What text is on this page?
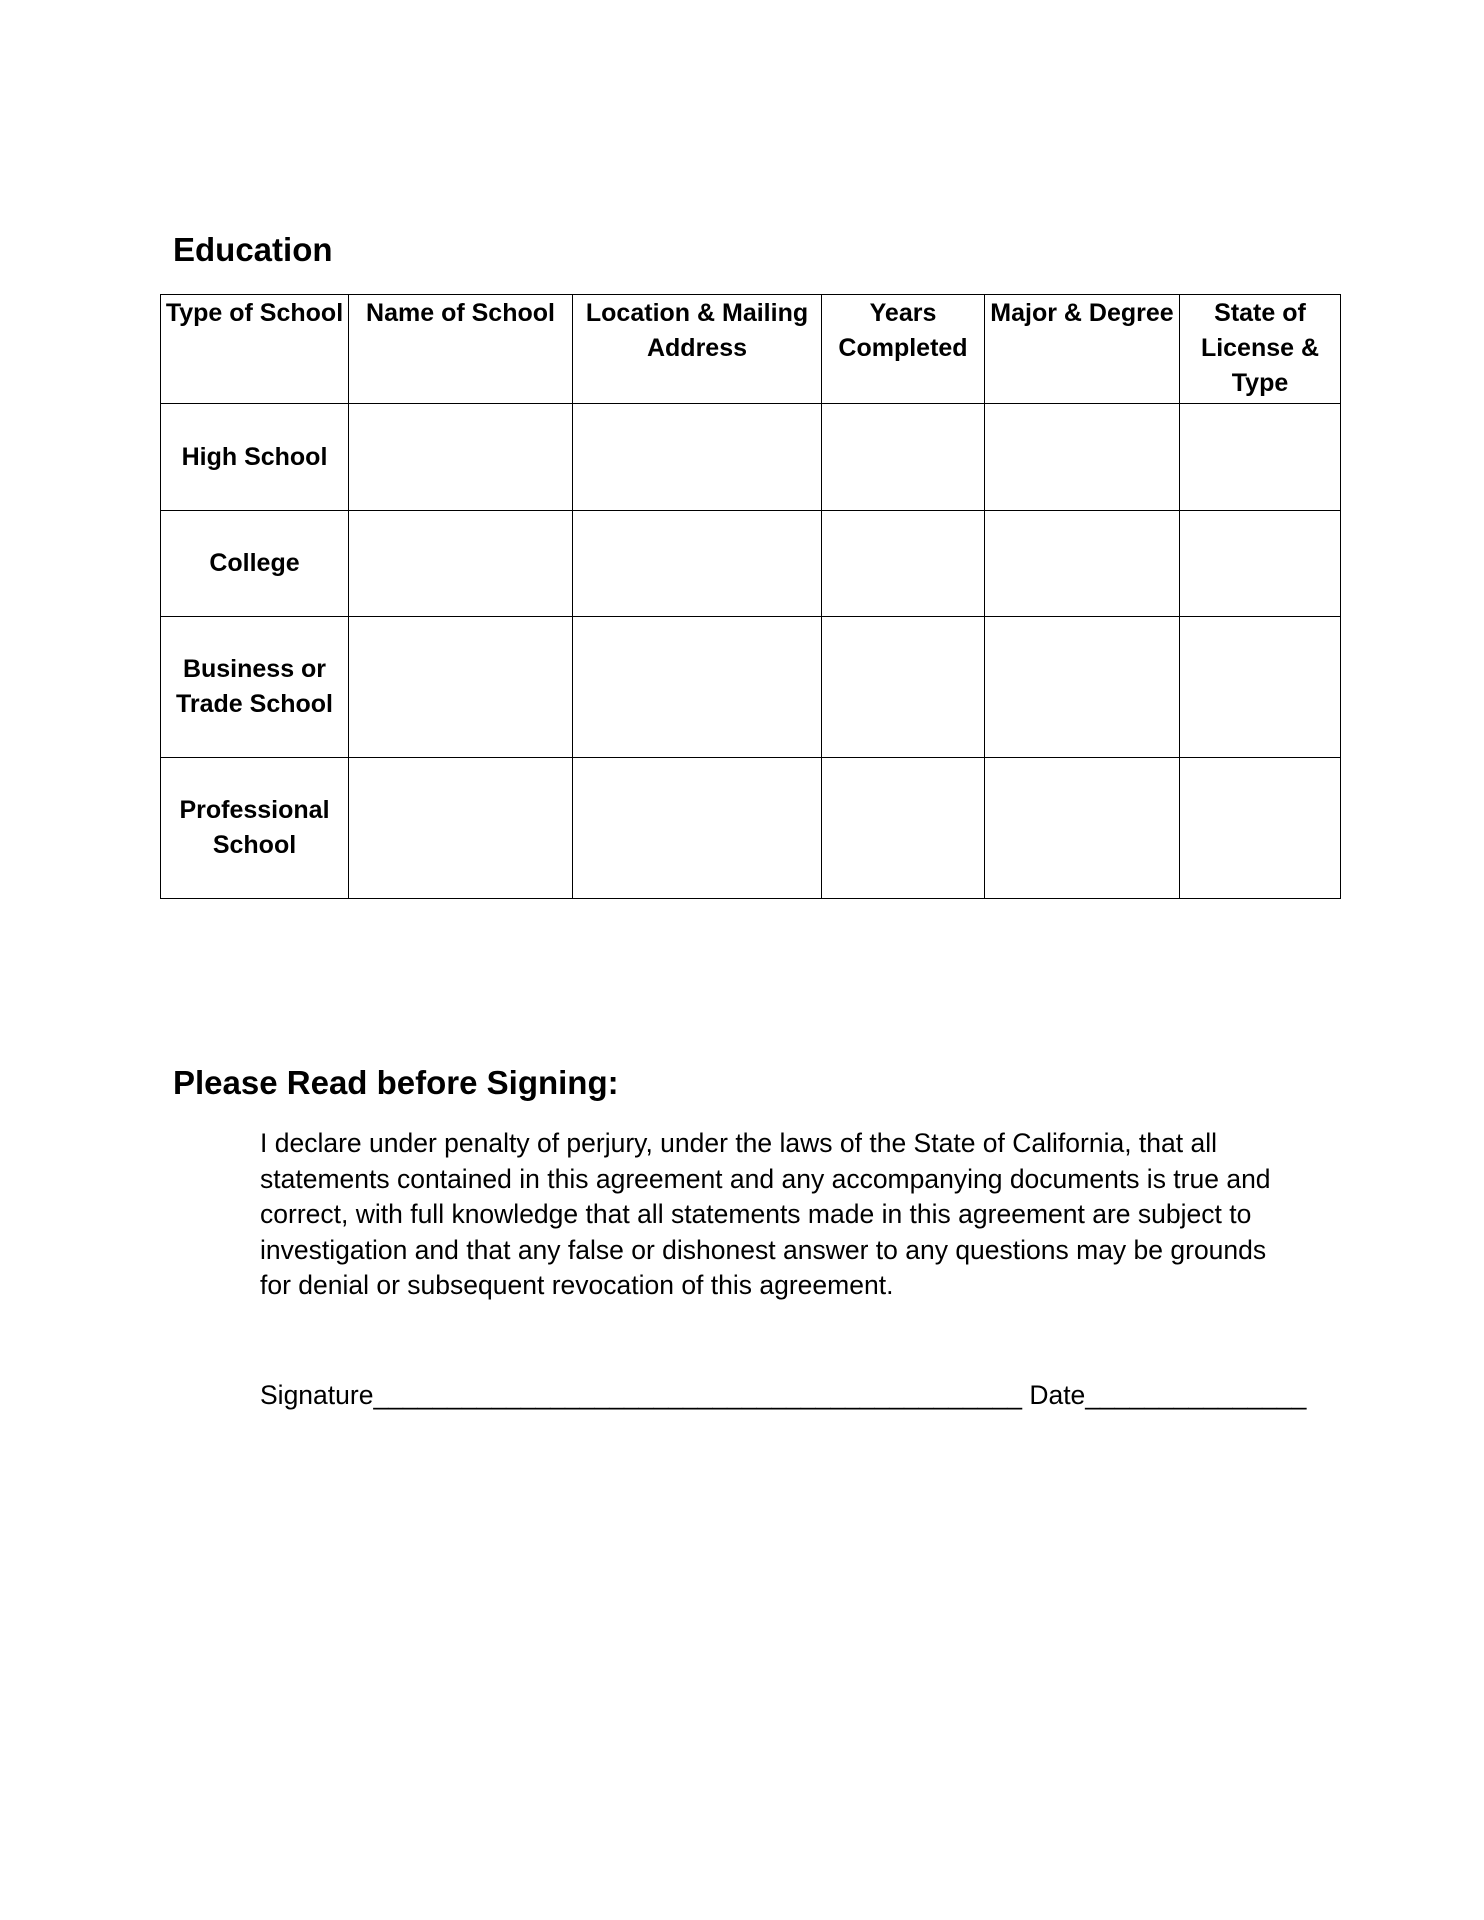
Education
Type of School	Name of School	Location & Mailing Address	Years Completed	Major & Degree	State of License & Type
High School					
College					
Business or Trade School					
Professional School					
Please Read before Signing:

I declare under penalty of perjury, under the laws of the State of California, that all statements contained in this agreement and any accompanying documents is true and correct, with full knowledge that all statements made in this agreement are subject to investigation and that any false or dishonest answer to any questions may be grounds for denial or subsequent revocation of this agreement.

Signature____________________________________________ Date_______________
